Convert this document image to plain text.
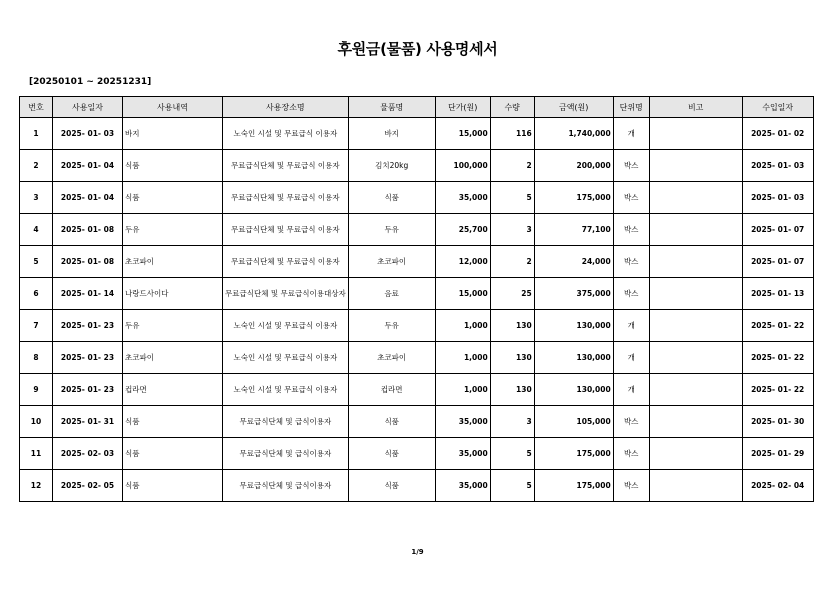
후원금(물품) 사용명세서
[20250101 ~ 20251231]
번호	사용일자	사용내역	사용장소명	물품명	단가(원)	수량	금액(원)	단위명	비고	수입일자
1	2025- 01- 03	바지	노숙인 시설 및 무료급식 이용자	바지	15,000	116	1,740,000	개		2025- 01- 02
2	2025- 01- 04	식품	무료급식단체 및 무료급식 이용자	김치20kg	100,000	2	200,000	박스		2025- 01- 03
3	2025- 01- 04	식품	무료급식단체 및 무료급식 이용자	식품	35,000	5	175,000	박스		2025- 01- 03
4	2025- 01- 08	두유	무료급식단체 및 무료급식 이용자	두유	25,700	3	77,100	박스		2025- 01- 07
5	2025- 01- 08	초코파이	무료급식단체 및 무료급식 이용자	초코파이	12,000	2	24,000	박스		2025- 01- 07
6	2025- 01- 14	나랑드사이다	무료급식단체 및 무료급식이용대상자	음료	15,000	25	375,000	박스		2025- 01- 13
7	2025- 01- 23	두유	노숙인 시설 및 무료급식 이용자	두유	1,000	130	130,000	개		2025- 01- 22
8	2025- 01- 23	초코파이	노숙인 시설 및 무료급식 이용자	초코파이	1,000	130	130,000	개		2025- 01- 22
9	2025- 01- 23	컵라면	노숙인 시설 및 무료급식 이용자	컵라면	1,000	130	130,000	개		2025- 01- 22
10	2025- 01- 31	식품	무료급식단체 및 급식이용자	식품	35,000	3	105,000	박스		2025- 01- 30
11	2025- 02- 03	식품	무료급식단체 및 급식이용자	식품	35,000	5	175,000	박스		2025- 01- 29
12	2025- 02- 05	식품	무료급식단체 및 급식이용자	식품	35,000	5	175,000	박스		2025- 02- 04
1/9
